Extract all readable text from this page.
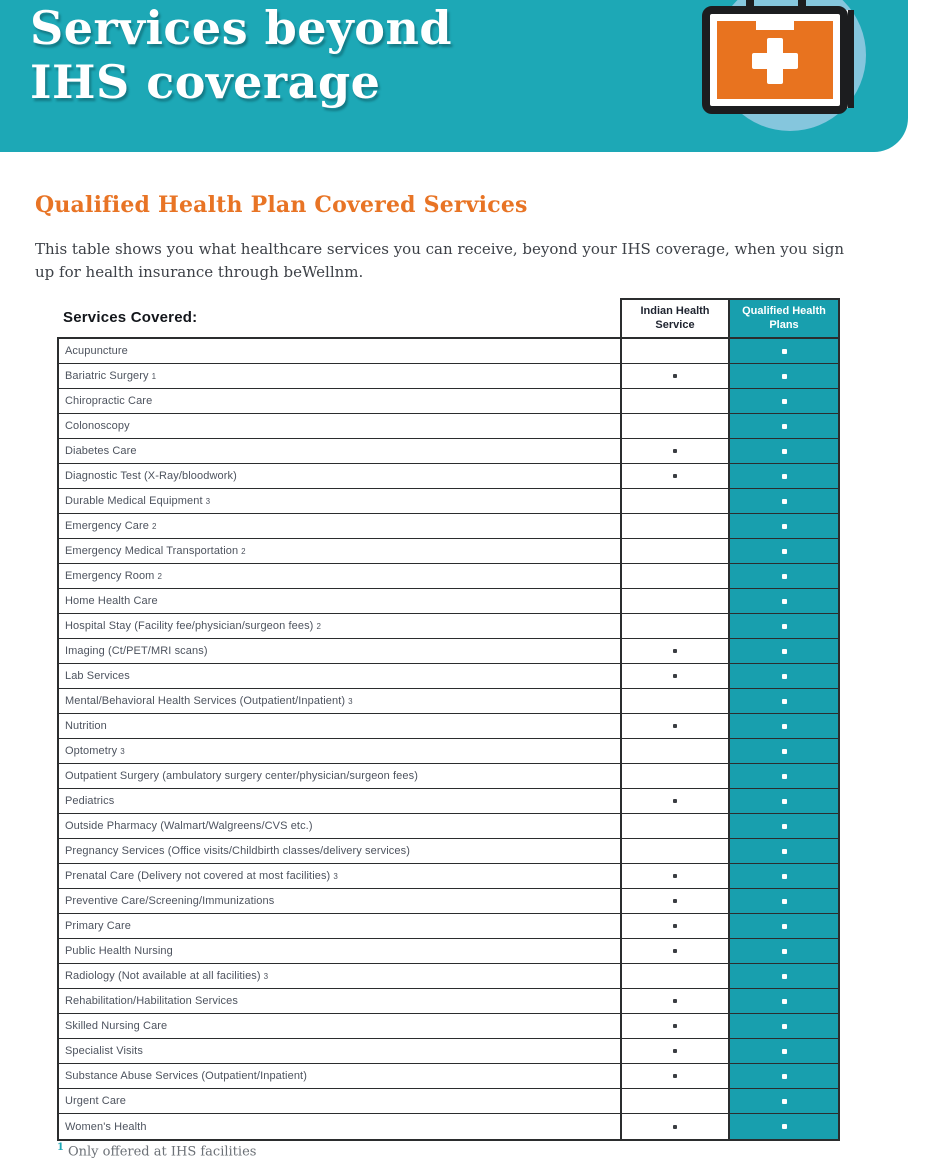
Services beyond
IHS coverage
Qualified Health Plan Covered Services
This table shows you what healthcare services you can receive, beyond your IHS coverage, when you sign
up for health insurance through beWellnm.
Services Covered:	Indian Health Service
Qualified Health Plans
Acupuncture
Bariatric Surgery 1
Chiropractic Care
Colonoscopy
Diabetes Care
Diagnostic Test (X-Ray/bloodwork)
Durable Medical Equipment 3
Emergency Care 2
Emergency Medical Transportation 2
Emergency Room 2
Home Health Care
Hospital Stay (Facility fee/physician/surgeon fees) 2
Imaging (Ct/PET/MRI scans)
Lab Services
Mental/Behavioral Health Services (Outpatient/Inpatient) 3
Nutrition
Optometry 3
Outpatient Surgery (ambulatory surgery center/physician/surgeon fees)
Pediatrics
Outside Pharmacy (Walmart/Walgreens/CVS etc.)
Pregnancy Services (Office visits/Childbirth classes/delivery services)
Prenatal Care (Delivery not covered at most facilities) 3
Preventive Care/Screening/Immunizations
Primary Care
Public Health Nursing
Radiology (Not available at all facilities) 3
Rehabilitation/Habilitation Services
Skilled Nursing Care
Specialist Visits
Substance Abuse Services (Outpatient/Inpatient)
Urgent Care
Women's Health
$^1$ Only offered at IHS facilities
